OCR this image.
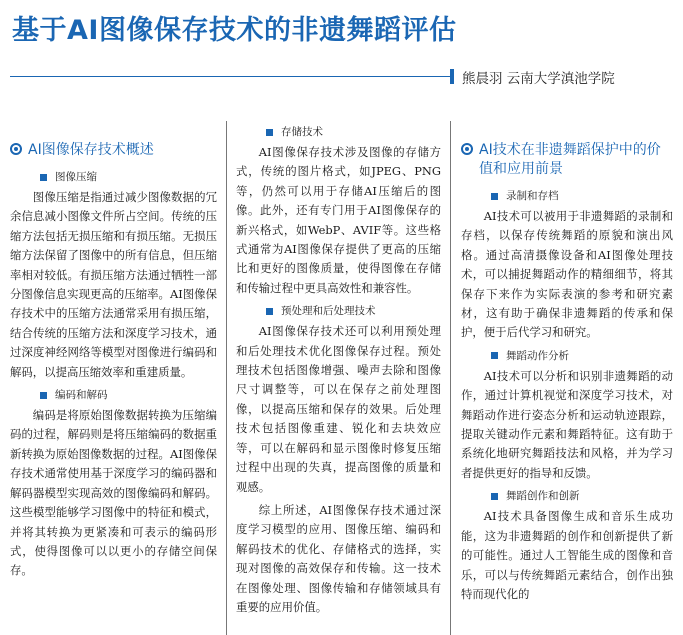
基于AI图像保存技术的非遗舞蹈评估
熊晨羽 云南大学滇池学院
AI图像保存技术概述
图像压缩

图像压缩是指通过减少图像数据的冗余信息减小图像文件所占空间。传统的压缩方法包括无损压缩和有损压缩。无损压缩方法保留了图像中的所有信息，但压缩率相对较低。有损压缩方法通过牺牲一部分图像信息实现更高的压缩率。AI图像保存技术中的压缩方法通常采用有损压缩，结合传统的压缩方法和深度学习技术，通过深度神经网络等模型对图像进行编码和解码，以提高压缩效率和重建质量。

编码和解码

编码是将原始图像数据转换为压缩编码的过程，解码则是将压缩编码的数据重新转换为原始图像数据的过程。AI图像保存技术通常使用基于深度学习的编码器和解码器模型实现高效的图像编码和解码。这些模型能够学习图像中的特征和模式，并将其转换为更紧凑和可表示的编码形式，使得图像可以以更小的存储空间保存。

存储技术

AI图像保存技术涉及图像的存储方式，传统的图片格式，如JPEG、PNG等，仍然可以用于存储AI压缩后的图像。此外，还有专门用于AI图像保存的新兴格式，如WebP、AVIF等。这些格式通常为AI图像保存提供了更高的压缩比和更好的图像质量，使得图像在存储和传输过程中更具高效性和兼容性。

预处理和后处理技术

AI图像保存技术还可以利用预处理和后处理技术优化图像保存过程。预处理技术包括图像增强、噪声去除和图像尺寸调整等，可以在保存之前处理图像，以提高压缩和保存的效果。后处理技术包括图像重建、锐化和去块效应等，可以在解码和显示图像时修复压缩过程中出现的失真，提高图像的质量和观感。

综上所述，AI图像保存技术通过深度学习模型的应用、图像压缩、编码和解码技术的优化、存储格式的选择，实现对图像的高效保存和传输。这一技术在图像处理、图像传输和存储领域具有重要的应用价值。

AI技术在非遗舞蹈保护中的价值和应用前景
录制和存档

AI技术可以被用于非遗舞蹈的录制和存档，以保存传统舞蹈的原貌和演出风格。通过高清摄像设备和AI图像处理技术，可以捕捉舞蹈动作的精细细节，将其保存下来作为实际表演的参考和研究素材，这有助于确保非遗舞蹈的传承和保护，便于后代学习和研究。

舞蹈动作分析

AI技术可以分析和识别非遗舞蹈的动作，通过计算机视觉和深度学习技术，对舞蹈动作进行姿态分析和运动轨迹跟踪，提取关键动作元素和舞蹈特征。这有助于系统化地研究舞蹈技法和风格，并为学习者提供更好的指导和反馈。

舞蹈创作和创新

AI技术具备图像生成和音乐生成功能，这为非遗舞蹈的创作和创新提供了新的可能性。通过人工智能生成的图像和音乐，可以与传统舞蹈元素结合，创作出独特而现代化的
